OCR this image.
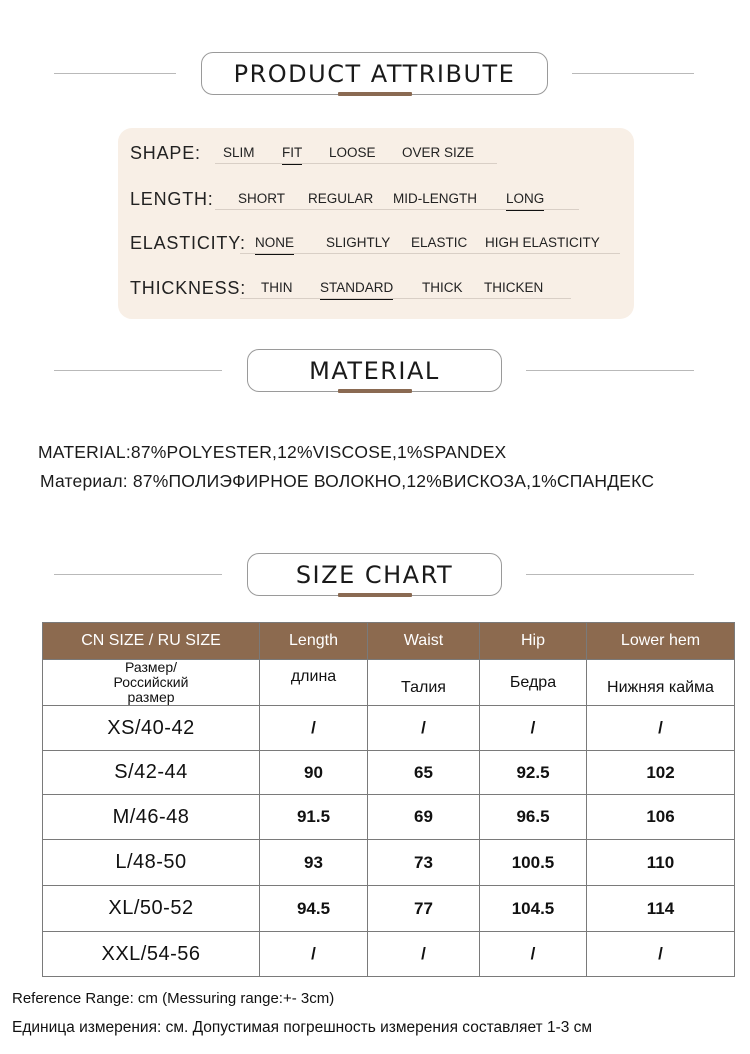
PRODUCT ATTRIBUTE
SHAPE: SLIM FIT LOOSE OVER SIZE
LENGTH: SHORT REGULAR MID-LENGTH LONG
ELASTICITY: NONE SLIGHTLY ELASTIC HIGH ELASTICITY
THICKNESS: THIN STANDARD THICK THICKEN
MATERIAL
MATERIAL:87%POLYESTER,12%VISCOSE,1%SPANDEX
Материал: 87%ПОЛИЭФИРНОЕ ВОЛОКНО,12%ВИСКОЗА,1%СПАНДЕКС
SIZE CHART
CN SIZE / RU SIZE	Length	Waist	Hip	Lower hem
Размер/Российский размер	длина	Талия	Бедра	Нижняя кайма
XS/40-42	/	/	/	/
S/42-44	90	65	92.5	102
M/46-48	91.5	69	96.5	106
L/48-50	93	73	100.5	110
XL/50-52	94.5	77	104.5	114
XXL/54-56	/	/	/	/
Reference Range: cm (Messuring range:+- 3cm)
Единица измерения: см. Допустимая погрешность измерения составляет 1-3 см
